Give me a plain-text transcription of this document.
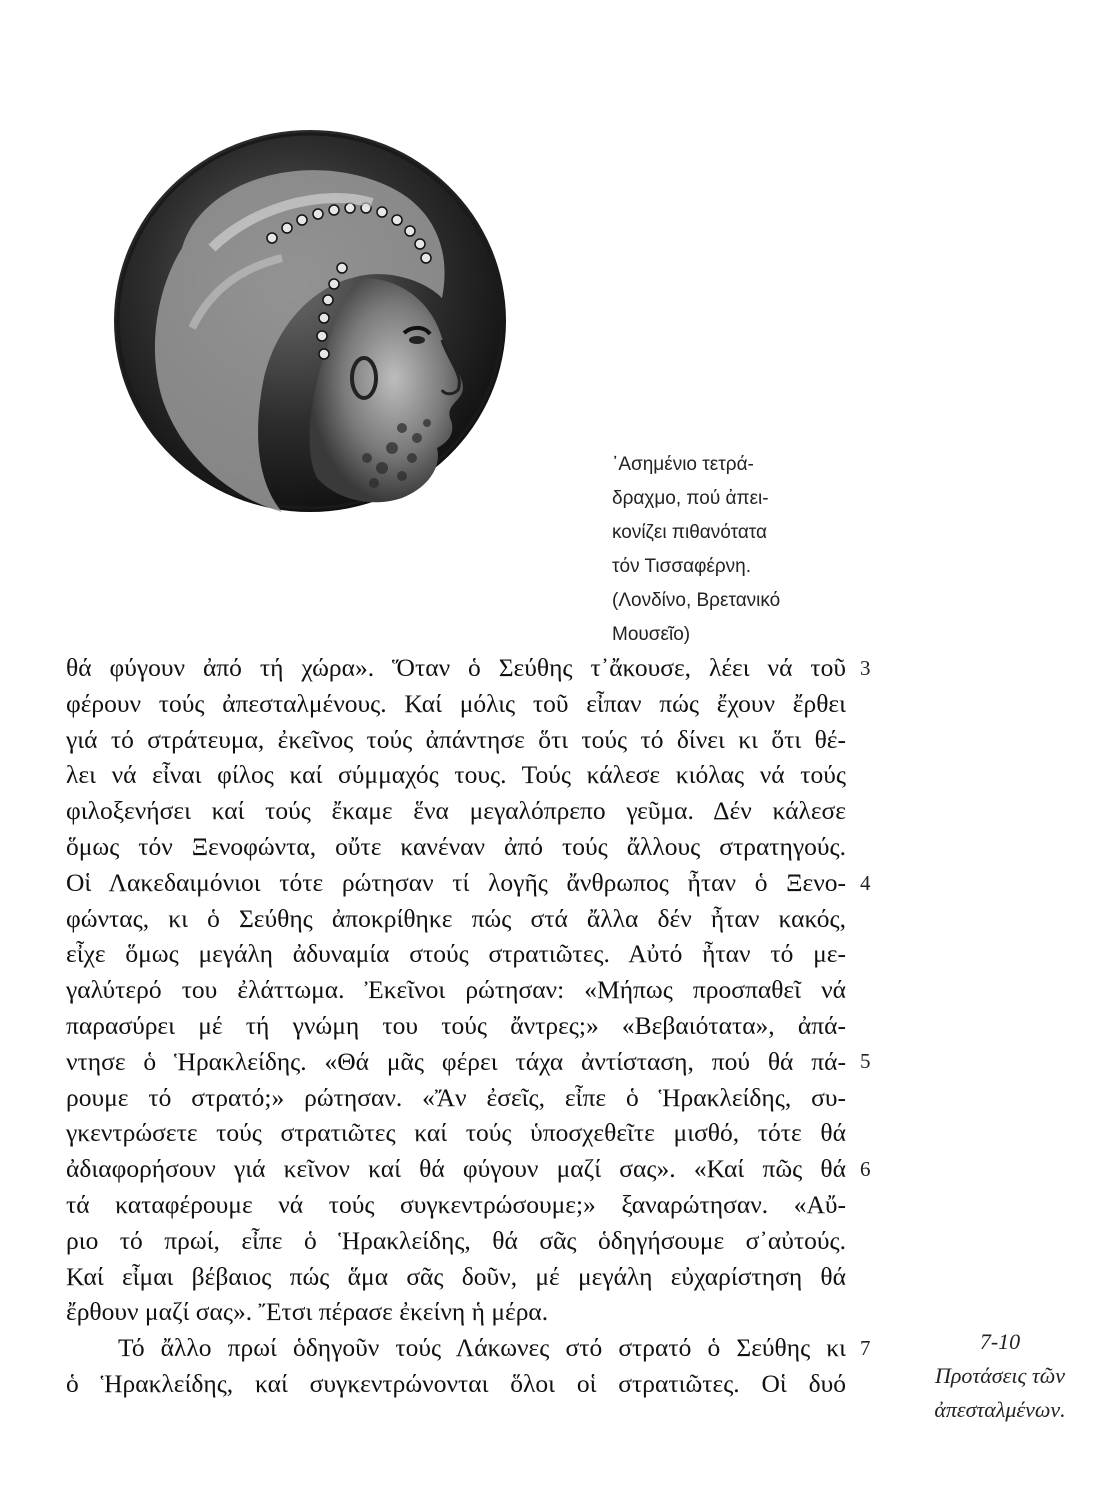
᾿Ασημένιο τετρά-
δραχμο, πού ἀπει-
κονίζει πιθανότατα
τόν Τισσαφέρνη.
(Λονδίνο, Βρετανικό
Μουσεῖο)
θά φύγουν ἀπό τή χώρα». Ὅταν ὁ Σεύθης τ᾿ἄκουσε, λέει νά τοῦ
φέρουν τούς ἀπεσταλμένους. Καί μόλις τοῦ εἶπαν πώς ἔχουν ἔρθει
γιά τό στράτευμα, ἐκεῖνος τούς ἀπάντησε ὅτι τούς τό δίνει κι ὅτι θέ-
λει νά εἶναι φίλος καί σύμμαχός τους. Τούς κάλεσε κιόλας νά τούς
φιλοξενήσει καί τούς ἔκαμε ἕνα μεγαλόπρεπο γεῦμα. Δέν κάλεσε
ὅμως τόν Ξενοφώντα, οὔτε κανέναν ἀπό τούς ἄλλους στρατηγούς.
Οἱ Λακεδαιμόνιοι τότε ρώτησαν τί λογῆς ἄνθρωπος ἦταν ὁ Ξενο-
φώντας, κι ὁ Σεύθης ἀποκρίθηκε πώς στά ἄλλα δέν ἦταν κακός,
εἶχε ὅμως μεγάλη ἀδυναμία στούς στρατιῶτες. Αὐτό ἦταν τό με-
γαλύτερό του ἐλάττωμα. Ἐκεῖνοι ρώτησαν: «Μήπως προσπαθεῖ νά
παρασύρει μέ τή γνώμη του τούς ἄντρες;» «Βεβαιότατα», ἀπά-
ντησε ὁ Ἡρακλείδης. «Θά μᾶς φέρει τάχα ἀντίσταση, πού θά πά-
ρουμε τό στρατό;» ρώτησαν. «Ἄν ἐσεῖς, εἶπε ὁ Ἡρακλείδης, συ-
γκεντρώσετε τούς στρατιῶτες καί τούς ὑποσχεθεῖτε μισθό, τότε θά
ἀδιαφορήσουν γιά κεῖνον καί θά φύγουν μαζί σας». «Καί πῶς θά
τά καταφέρουμε νά τούς συγκεντρώσουμε;» ξαναρώτησαν. «Αὔ-
ριο τό πρωί, εἶπε ὁ Ἡρακλείδης, θά σᾶς ὁδηγήσουμε σ᾿αὐτούς.
Καί εἶμαι βέβαιος πώς ἅμα σᾶς δοῦν, μέ μεγάλη εὐχαρίστηση θά
ἔρθουν μαζί σας». Ἔτσι πέρασε ἐκείνη ἡ μέρα.
Τό ἄλλο πρωί ὁδηγοῦν τούς Λάκωνες στό στρατό ὁ Σεύθης κι
ὁ Ἡρακλείδης, καί συγκεντρώνονται ὅλοι οἱ στρατιῶτες. Οἱ δυό
3
4
5
6
7	7-10
Προτάσεις τῶν
ἀπεσταλμένων.
